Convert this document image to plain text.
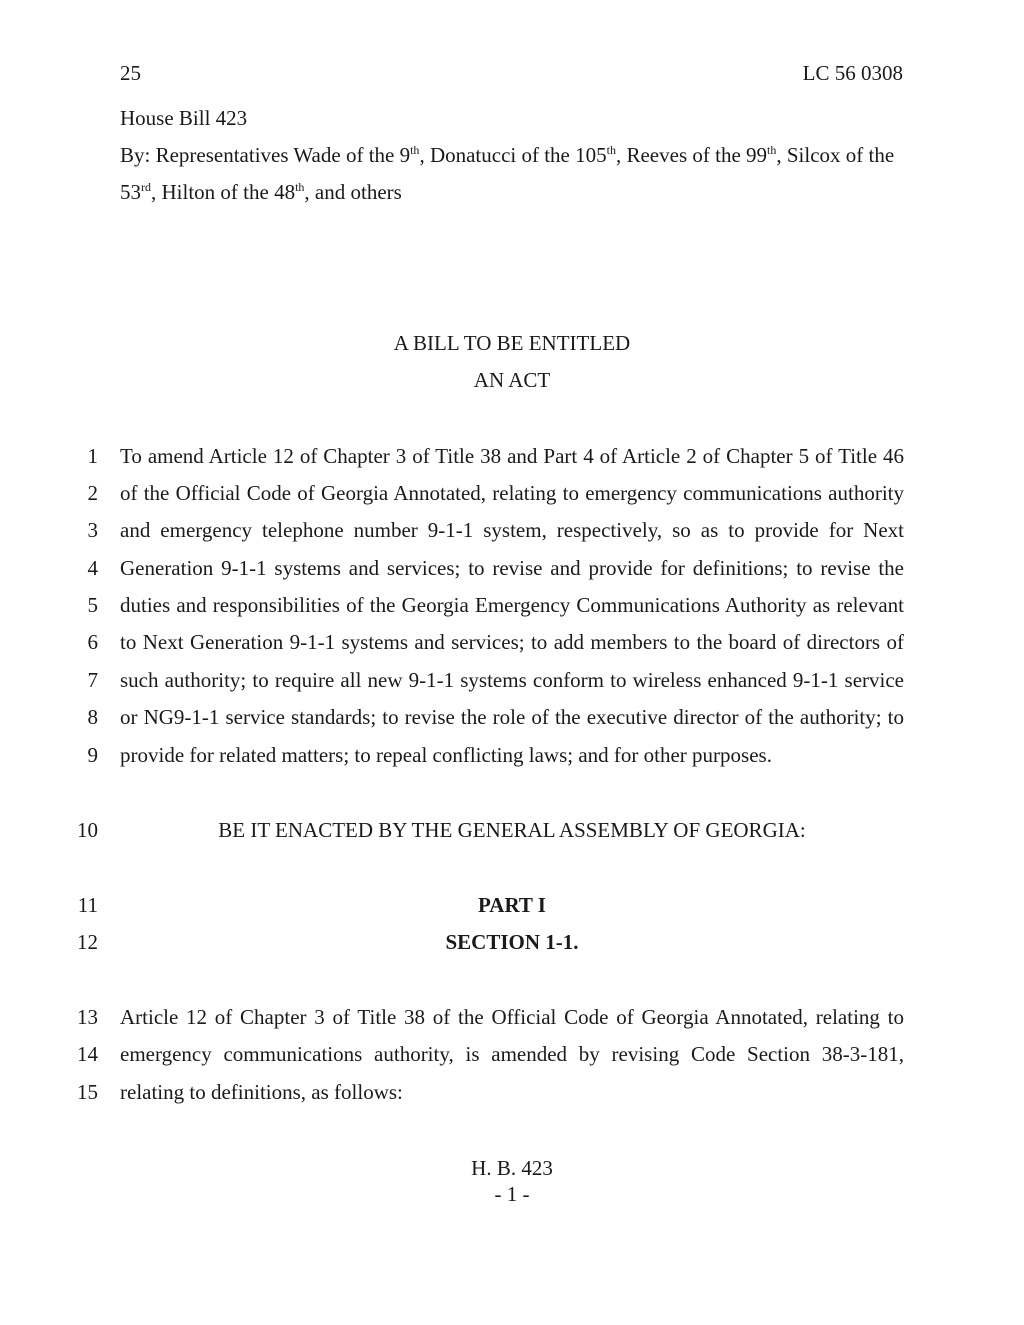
25	LC 56 0308
House Bill 423
By: Representatives Wade of the 9th, Donatucci of the 105th, Reeves of the 99th, Silcox of the
53rd, Hilton of the 48th, and others
A BILL TO BE ENTITLED
AN ACT
1 To amend Article 12 of Chapter 3 of Title 38 and Part 4 of Article 2 of Chapter 5 of Title 46
2 of the Official Code of Georgia Annotated, relating to emergency communications authority
3 and emergency telephone number 9-1-1 system, respectively, so as to provide for Next
4 Generation 9-1-1 systems and services; to revise and provide for definitions; to revise the
5 duties and responsibilities of the Georgia Emergency Communications Authority as relevant
6 to Next Generation 9-1-1 systems and services; to add members to the board of directors of
7 such authority; to require all new 9-1-1 systems conform to wireless enhanced 9-1-1 service
8 or NG9-1-1 service standards; to revise the role of the executive director of the authority; to
9 provide for related matters; to repeal conflicting laws; and for other purposes.
10	BE IT ENACTED BY THE GENERAL ASSEMBLY OF GEORGIA:
11	PART I
12	SECTION 1-1.
13 Article 12 of Chapter 3 of Title 38 of the Official Code of Georgia Annotated, relating to
14 emergency communications authority, is amended by revising Code Section 38-3-181,
15 relating to definitions, as follows:
H. B. 423
- 1 -
